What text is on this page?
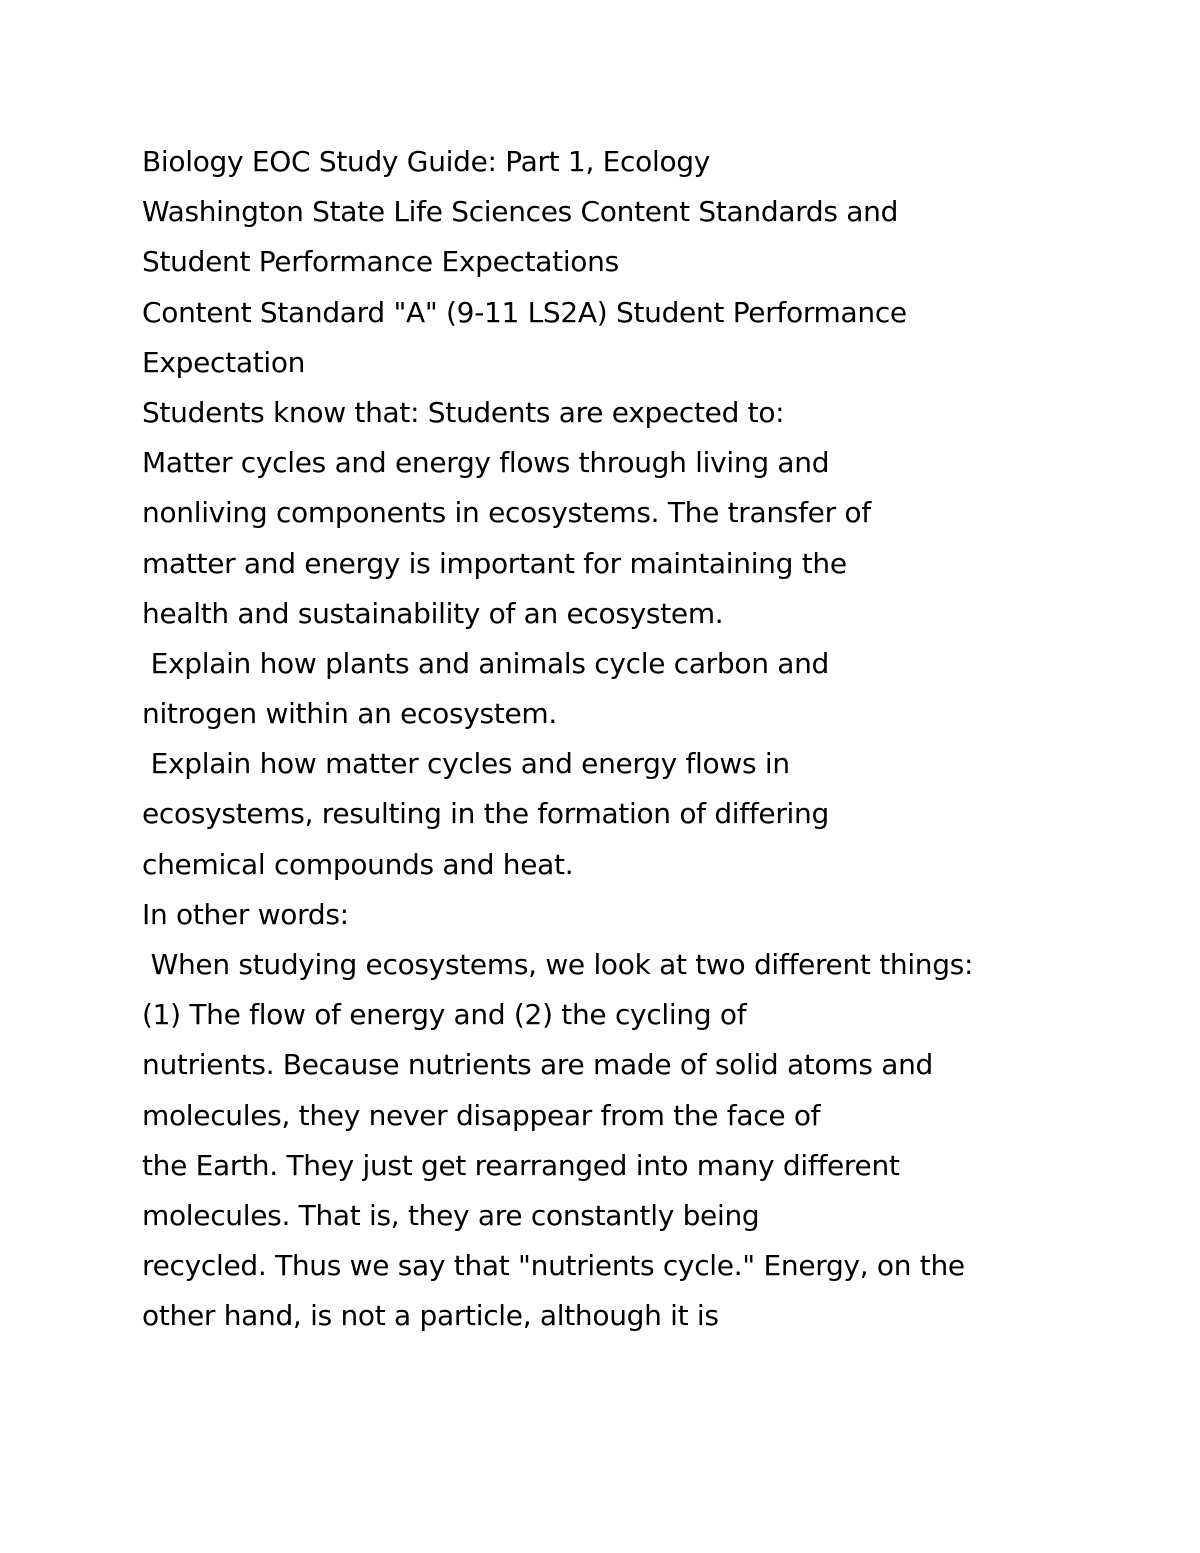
Biology EOC Study Guide: Part 1, Ecology
Washington State Life Sciences Content Standards and
Student Performance Expectations
Content Standard "A" (9-11 LS2A) Student Performance
Expectation
Students know that: Students are expected to:
Matter cycles and energy flows through living and
nonliving components in ecosystems. The transfer of
matter and energy is important for maintaining the
health and sustainability of an ecosystem.
Explain how plants and animals cycle carbon and
nitrogen within an ecosystem.
Explain how matter cycles and energy flows in
ecosystems, resulting in the formation of differing
chemical compounds and heat.
In other words:
When studying ecosystems, we look at two different things:
(1) The flow of energy and (2) the cycling of
nutrients. Because nutrients are made of solid atoms and
molecules, they never disappear from the face of
the Earth. They just get rearranged into many different
molecules. That is, they are constantly being
recycled. Thus we say that "nutrients cycle." Energy, on the
other hand, is not a particle, although it is
